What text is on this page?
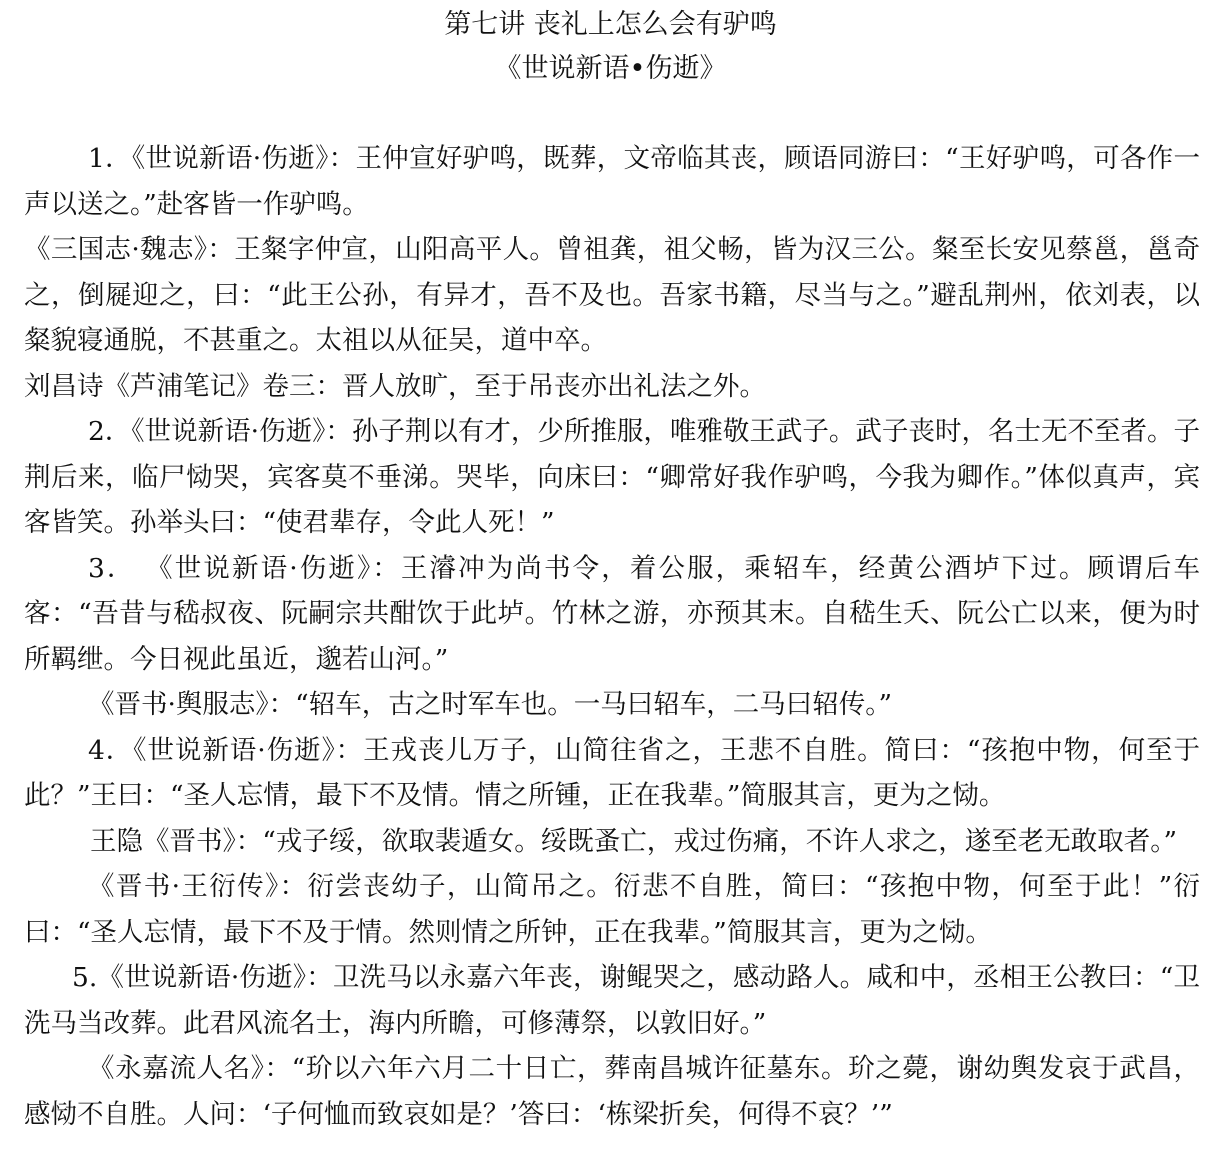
第七讲 丧礼上怎么会有驴鸣
《世说新语•伤逝》

1．《世说新语·伤逝》：王仲宣好驴鸣，既葬，文帝临其丧，顾语同游曰：“王好驴鸣，可各作一声以送之。”赴客皆一作驴鸣。

《三国志·魏志》：王粲字仲宣，山阳高平人。曾祖龚，祖父畅，皆为汉三公。粲至长安见蔡邕，邕奇之，倒屣迎之，曰：“此王公孙，有异才，吾不及也。吾家书籍，尽当与之。”避乱荆州，依刘表，以粲貌寝通脱，不甚重之。太祖以从征吴，道中卒。

刘昌诗《芦浦笔记》卷三：晋人放旷，至于吊丧亦出礼法之外。

2．《世说新语·伤逝》：孙子荆以有才，少所推服，唯雅敬王武子。武子丧时，名士无不至者。子荆后来，临尸恸哭，宾客莫不垂涕。哭毕，向床曰：“卿常好我作驴鸣，今我为卿作。”体似真声，宾客皆笑。孙举头曰：“使君辈存，令此人死！”

3． 《世说新语·伤逝》：王濬冲为尚书令，着公服，乘轺车，经黄公酒垆下过。顾谓后车客：“吾昔与嵇叔夜、阮嗣宗共酣饮于此垆。竹林之游，亦预其末。自嵇生夭、阮公亡以来，便为时所羁绁。今日视此虽近，邈若山河。”

《晋书·舆服志》：“轺车，古之时军车也。一马曰轺车，二马曰轺传。”

4．《世说新语·伤逝》：王戎丧儿万子，山简往省之，王悲不自胜。简曰：“孩抱中物，何至于此？”王曰：“圣人忘情，最下不及情。情之所锺，正在我辈。”简服其言，更为之恸。

王隐《晋书》：“戎子绥，欲取裴遁女。绥既蚤亡，戎过伤痛，不许人求之，遂至老无敢取者。”

《晋书·王衍传》：衍尝丧幼子，山简吊之。衍悲不自胜，简曰：“孩抱中物，何至于此！”衍曰：“圣人忘情，最下不及于情。然则情之所钟，正在我辈。”简服其言，更为之恸。

5.《世说新语·伤逝》：卫洗马以永嘉六年丧，谢鲲哭之，感动路人。咸和中，丞相王公教曰：“卫洗马当改葬。此君风流名士，海内所瞻，可修薄祭，以敦旧好。”

《永嘉流人名》：“玠以六年六月二十日亡，葬南昌城许征墓东。玠之薨，谢幼舆发哀于武昌，感恸不自胜。人问：‘子何恤而致哀如是？’答曰：‘栋梁折矣，何得不哀？’”
